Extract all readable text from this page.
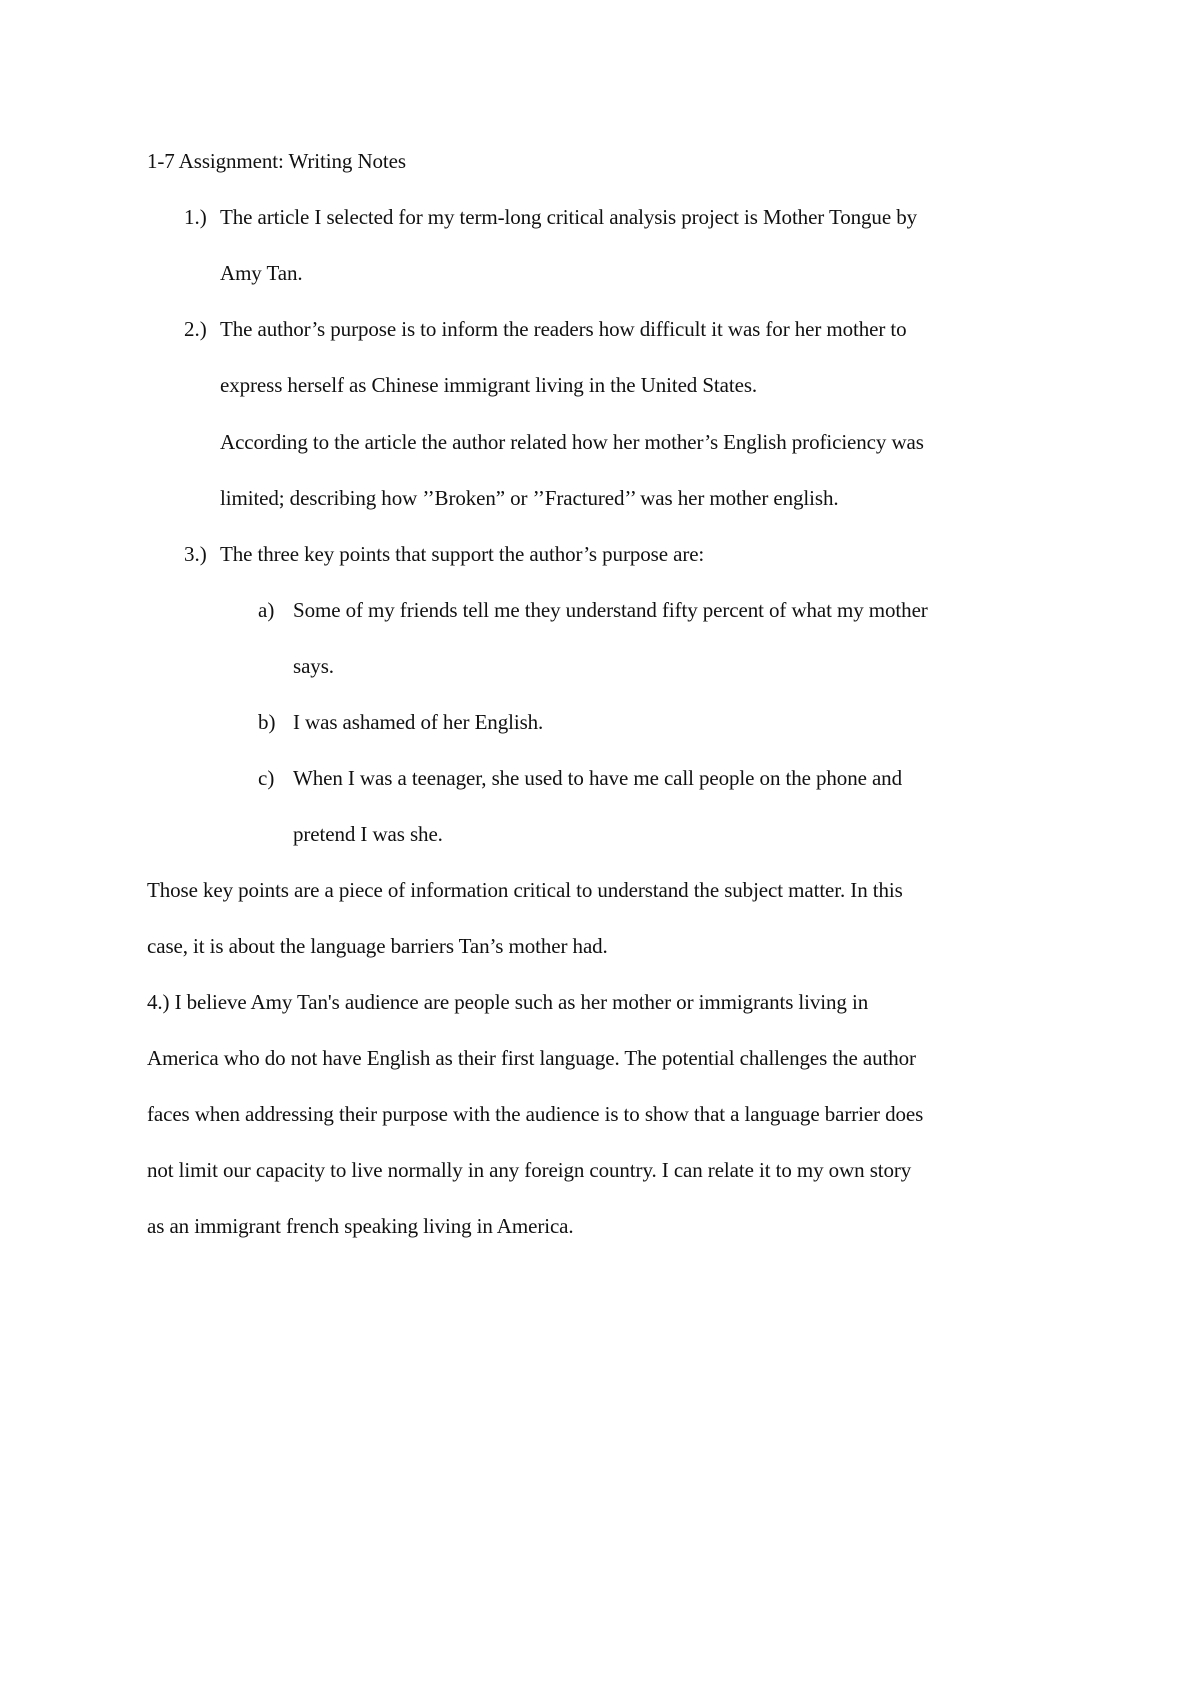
1-7 Assignment: Writing Notes
1.) The article I selected for my term-long critical analysis project is Mother Tongue by
Amy Tan.
2.) The author’s purpose is to inform the readers how difficult it was for her mother to
express herself as Chinese immigrant living in the United States.
According to the article the author related how her mother’s English proficiency was
limited; describing how ’’Broken” or ’’Fractured’’ was her mother english.
3.) The three key points that support the author’s purpose are:
a) Some of my friends tell me they understand fifty percent of what my mother
says.
b) I was ashamed of her English.
c) When I was a teenager, she used to have me call people on the phone and
pretend I was she.
Those key points are a piece of information critical to understand the subject matter. In this
case, it is about the language barriers Tan’s mother had.
4.) I believe Amy Tan's audience are people such as her mother or immigrants living in
America who do not have English as their first language. The potential challenges the author
faces when addressing their purpose with the audience is to show that a language barrier does
not limit our capacity to live normally in any foreign country. I can relate it to my own story
as an immigrant french speaking living in America.
